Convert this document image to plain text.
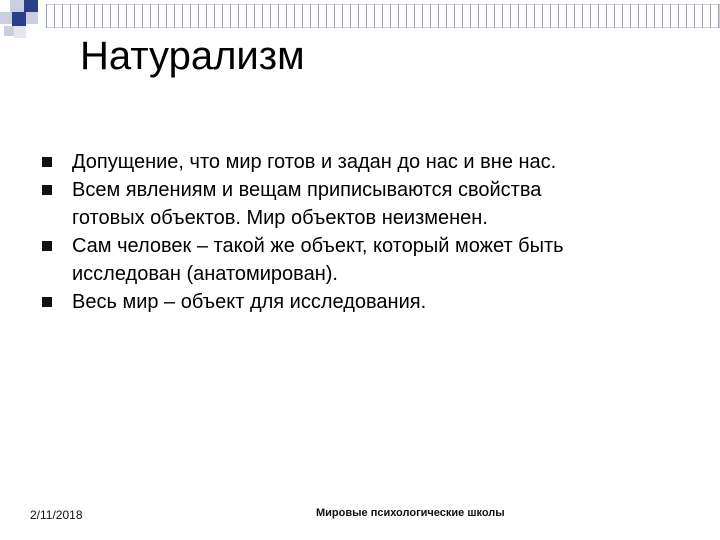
Натурализм
Допущение, что мир готов и задан до нас и вне нас.
Всем явлениям и вещам приписываются свойства
готовых объектов. Мир объектов неизменен.
Сам человек – такой же объект, который может быть
исследован (анатомирован).
Весь мир – объект для исследования.
2/11/2018	Мировые психологические школы
